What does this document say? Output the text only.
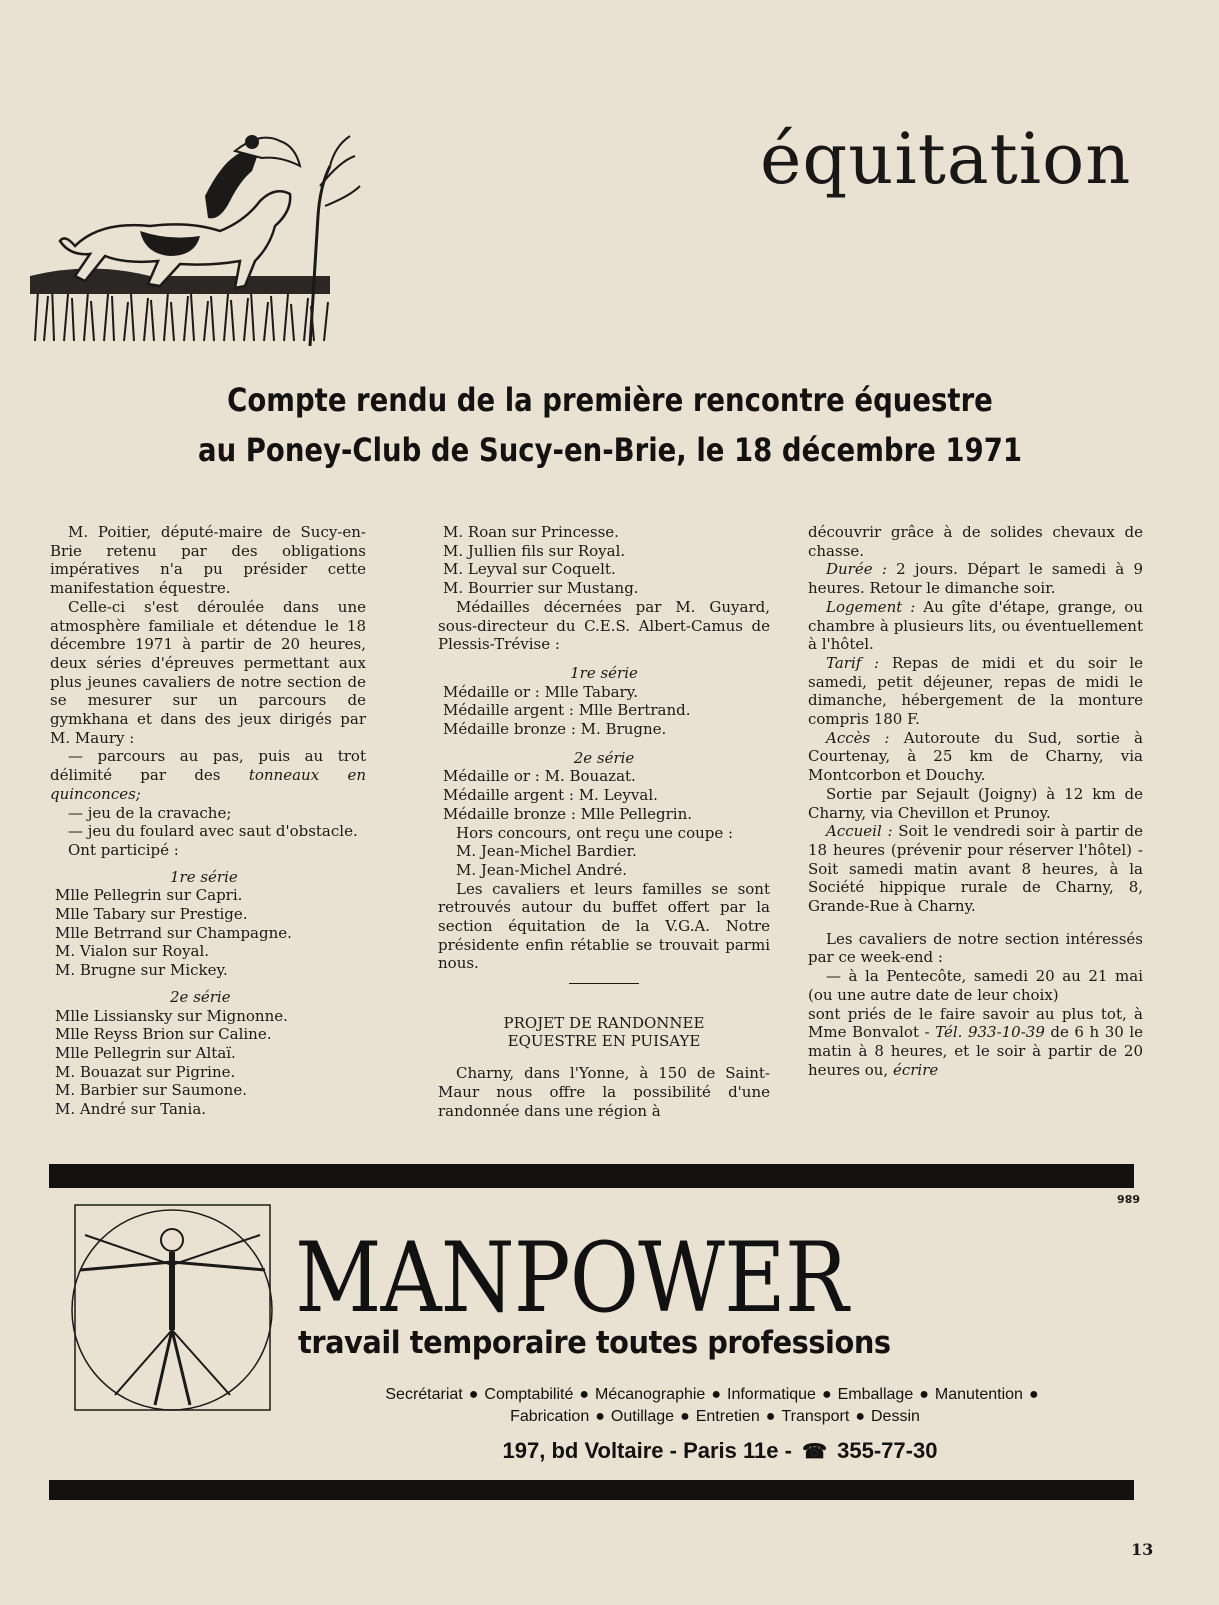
équitation
Compte rendu de la première rencontre équestre
au Poney-Club de Sucy-en-Brie, le 18 décembre 1971

M. Poitier, député-maire de Sucy-en-Brie retenu par des obligations impératives n'a pu présider cette manifestation équestre.

Celle-ci s'est déroulée dans une atmosphère familiale et détendue le 18 décembre 1971 à partir de 20 heures, deux séries d'épreuves permettant aux plus jeunes cavaliers de notre section de se mesurer sur un parcours de gymkhana et dans des jeux dirigés par M. Maury :

— parcours au pas, puis au trot délimité par des tonneaux en quinconces;

— jeu de la cravache;

— jeu du foulard avec saut d'obstacle.

Ont participé :

1re série
Mlle Pellegrin sur Capri.
Mlle Tabary sur Prestige.
Mlle Betrrand sur Champagne.
M. Vialon sur Royal.
M. Brugne sur Mickey.
2e série
Mlle Lissiansky sur Mignonne.
Mlle Reyss Brion sur Caline.
Mlle Pellegrin sur Altaï.
M. Bouazat sur Pigrine.
M. Barbier sur Saumone.
M. André sur Tania.
M. Roan sur Princesse.
M. Jullien fils sur Royal.
M. Leyval sur Coquelt.
M. Bourrier sur Mustang.

Médailles décernées par M. Guyard, sous-directeur du C.E.S. Albert-Camus de Plessis-Trévise :

1re série
Médaille or : Mlle Tabary.
Médaille argent : Mlle Bertrand.
Médaille bronze : M. Brugne.
2e série
Médaille or : M. Bouazat.
Médaille argent : M. Leyval.
Médaille bronze : Mlle Pellegrin.

Hors concours, ont reçu une coupe :

M. Jean-Michel Bardier.
M. Jean-Michel André.

Les cavaliers et leurs familles se sont retrouvés autour du buffet offert par la section équitation de la V.G.A. Notre présidente enfin rétablie se trouvait parmi nous.

PROJET DE RANDONNEE
EQUESTRE EN PUISAYE

Charny, dans l'Yonne, à 150 de Saint-Maur nous offre la possibilité d'une randonnée dans une région à

découvrir grâce à de solides chevaux de chasse.

Durée : 2 jours. Départ le samedi à 9 heures. Retour le dimanche soir.

Logement : Au gîte d'étape, grange, ou chambre à plusieurs lits, ou éventuellement à l'hôtel.

Tarif : Repas de midi et du soir le samedi, petit déjeuner, repas de midi le dimanche, hébergement de la monture compris 180 F.

Accès : Autoroute du Sud, sortie à Courtenay, à 25 km de Charny, via Montcorbon et Douchy.

Sortie par Sejault (Joigny) à 12 km de Charny, via Chevillon et Prunoy.

Accueil : Soit le vendredi soir à partir de 18 heures (prévenir pour réserver l'hôtel) - Soit samedi matin avant 8 heures, à la Société hippique rurale de Charny, 8, Grande-Rue à Charny.

Les cavaliers de notre section intéressés par ce week-end :

— à la Pentecôte, samedi 20 au 21 mai (ou une autre date de leur choix)

sont priés de le faire savoir au plus tot, à Mme Bonvalot - Tél. 933-10-39 de 6 h 30 le matin à 8 heures, et le soir à partir de 20 heures ou, écrire

686
MANPOWER
travail temporaire toutes professions
Secrétariat ● Comptabilité ● Mécanographie ● Informatique ● Emballage ● Manutention ●
Fabrication ● Outillage ● Entretien ● Transport ● Dessin
197, bd Voltaire - Paris 11e - ☎ 355-77-30
13
